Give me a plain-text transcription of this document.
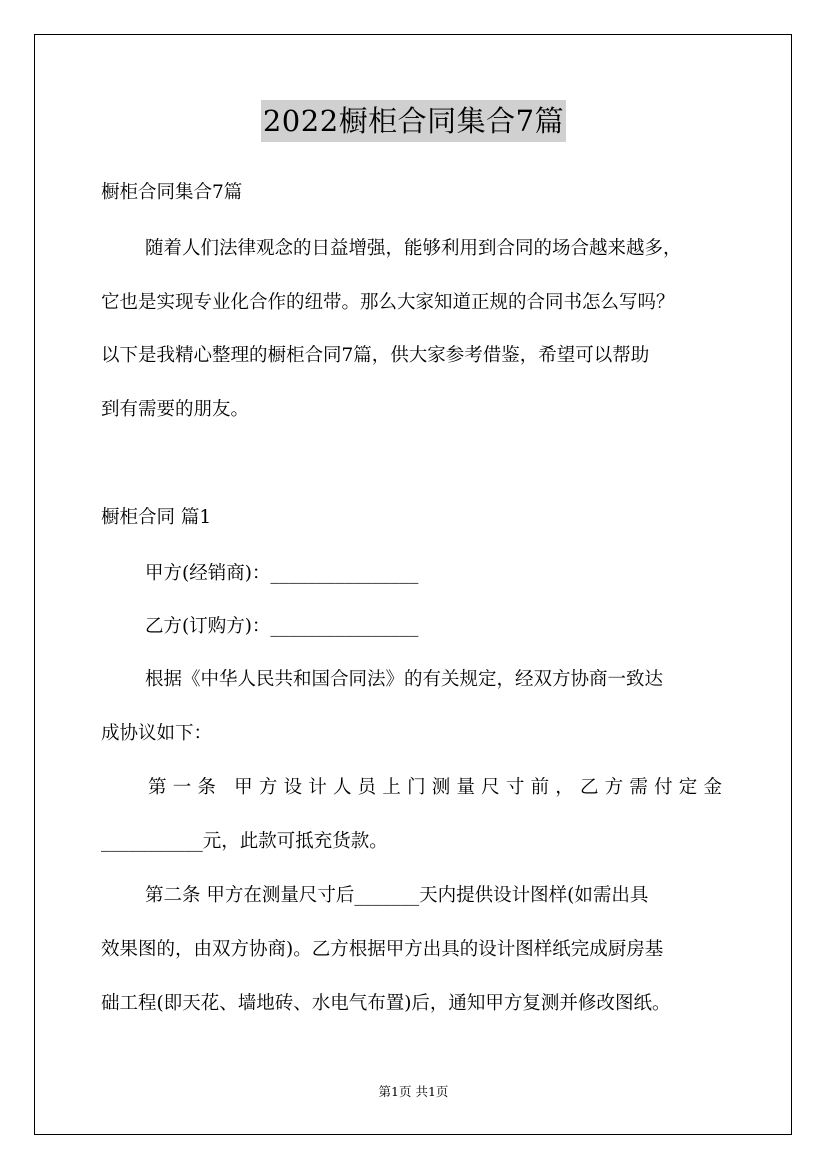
2022橱柜合同集合7篇
橱柜合同集合7篇
随着人们法律观念的日益增强，能够利用到合同的场合越来越多，
它也是实现专业化合作的纽带。那么大家知道正规的合同书怎么写吗？
以下是我精心整理的橱柜合同7篇，供大家参考借鉴，希望可以帮助
到有需要的朋友。
橱柜合同 篇1
甲方(经销商)：________________
乙方(订购方)：________________
根据《中华人民共和国合同法》的有关规定，经双方协商一致达
成协议如下：
第一条 甲方设计人员上门测量尺寸前，乙方需付定金
___________元，此款可抵充货款。
第二条 甲方在测量尺寸后_______天内提供设计图样(如需出具
效果图的，由双方协商)。乙方根据甲方出具的设计图样纸完成厨房基
础工程(即天花、墙地砖、水电气布置)后，通知甲方复测并修改图纸。
第1页 共1页
